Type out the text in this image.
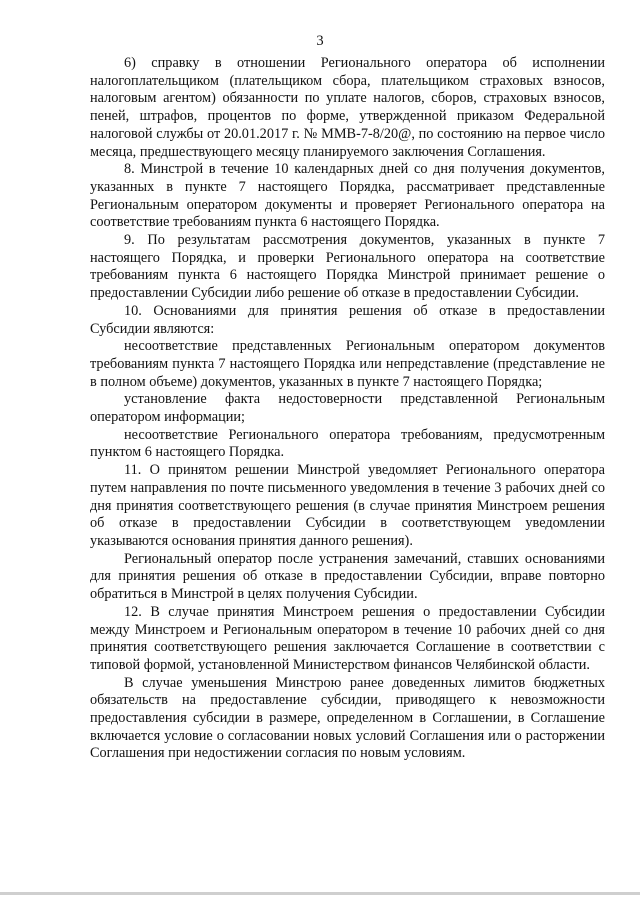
3

6) справку в отношении Регионального оператора об исполнении налогоплательщиком (плательщиком сбора, плательщиком страховых взносов, налоговым агентом) обязанности по уплате налогов, сборов, страховых взносов, пеней, штрафов, процентов по форме, утвержденной приказом Федеральной налоговой службы от 20.01.2017 г. № ММВ-7-8/20@, по состоянию на первое число месяца, предшествующего месяцу планируемого заключения Соглашения.

8. Минстрой в течение 10 календарных дней со дня получения документов, указанных в пункте 7 настоящего Порядка, рассматривает представленные Региональным оператором документы и проверяет Регионального оператора на соответствие требованиям пункта 6 настоящего Порядка.

9. По результатам рассмотрения документов, указанных в пункте 7 настоящего Порядка, и проверки Регионального оператора на соответствие требованиям пункта 6 настоящего Порядка Минстрой принимает решение о предоставлении Субсидии либо решение об отказе в предоставлении Субсидии.

10. Основаниями для принятия решения об отказе в предоставлении Субсидии являются:

несоответствие представленных Региональным оператором документов требованиям пункта 7 настоящего Порядка или непредставление (представление не в полном объеме) документов, указанных в пункте 7 настоящего Порядка;

установление факта недостоверности представленной Региональным оператором информации;

несоответствие Регионального оператора требованиям, предусмотренным пунктом 6 настоящего Порядка.

11. О принятом решении Минстрой уведомляет Регионального оператора путем направления по почте письменного уведомления в течение 3 рабочих дней со дня принятия соответствующего решения (в случае принятия Минстроем решения об отказе в предоставлении Субсидии в соответствующем уведомлении указываются основания принятия данного решения).

Региональный оператор после устранения замечаний, ставших основаниями для принятия решения об отказе в предоставлении Субсидии, вправе повторно обратиться в Минстрой в целях получения Субсидии.

12. В случае принятия Минстроем решения о предоставлении Субсидии между Минстроем и Региональным оператором в течение 10 рабочих дней со дня принятия соответствующего решения заключается Соглашение в соответствии с типовой формой, установленной Министерством финансов Челябинской области.

В случае уменьшения Минстрою ранее доведенных лимитов бюджетных обязательств на предоставление субсидии, приводящего к невозможности предоставления субсидии в размере, определенном в Соглашении, в Соглашение включается условие о согласовании новых условий Соглашения или о расторжении Соглашения при недостижении согласия по новым условиям.
